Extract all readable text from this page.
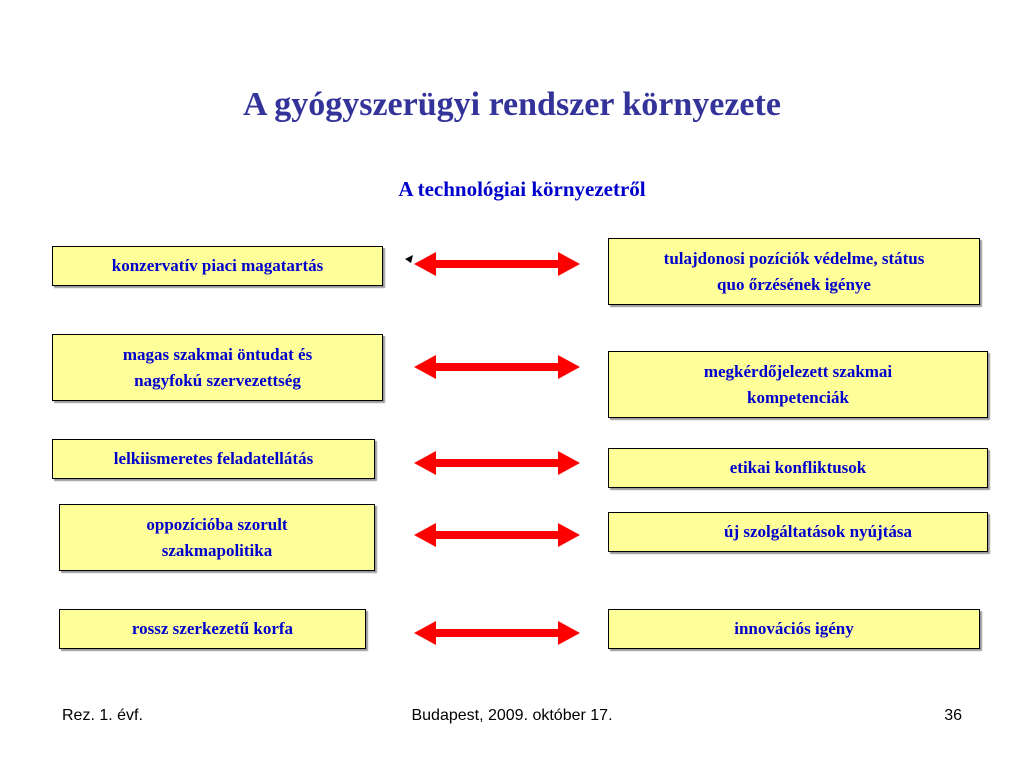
A gyógyszerügyi rendszer környezete
A technológiai környezetről
konzervatív piaci magatartás	tulajdonosi pozíciók védelme, státus
quo őrzésének igénye
magas szakmai öntudat és
nagyfokú szervezettség	megkérdőjelezett szakmai
kompetenciák
lelkiismeretes feladatellátás	etikai konfliktusok
oppozícióba szorult
szakmapolitika
új szolgáltatások nyújtása
rossz szerkezetű korfa	innovációs igény
Rez. 1. évf.	Budapest, 2009. október 17.	36
